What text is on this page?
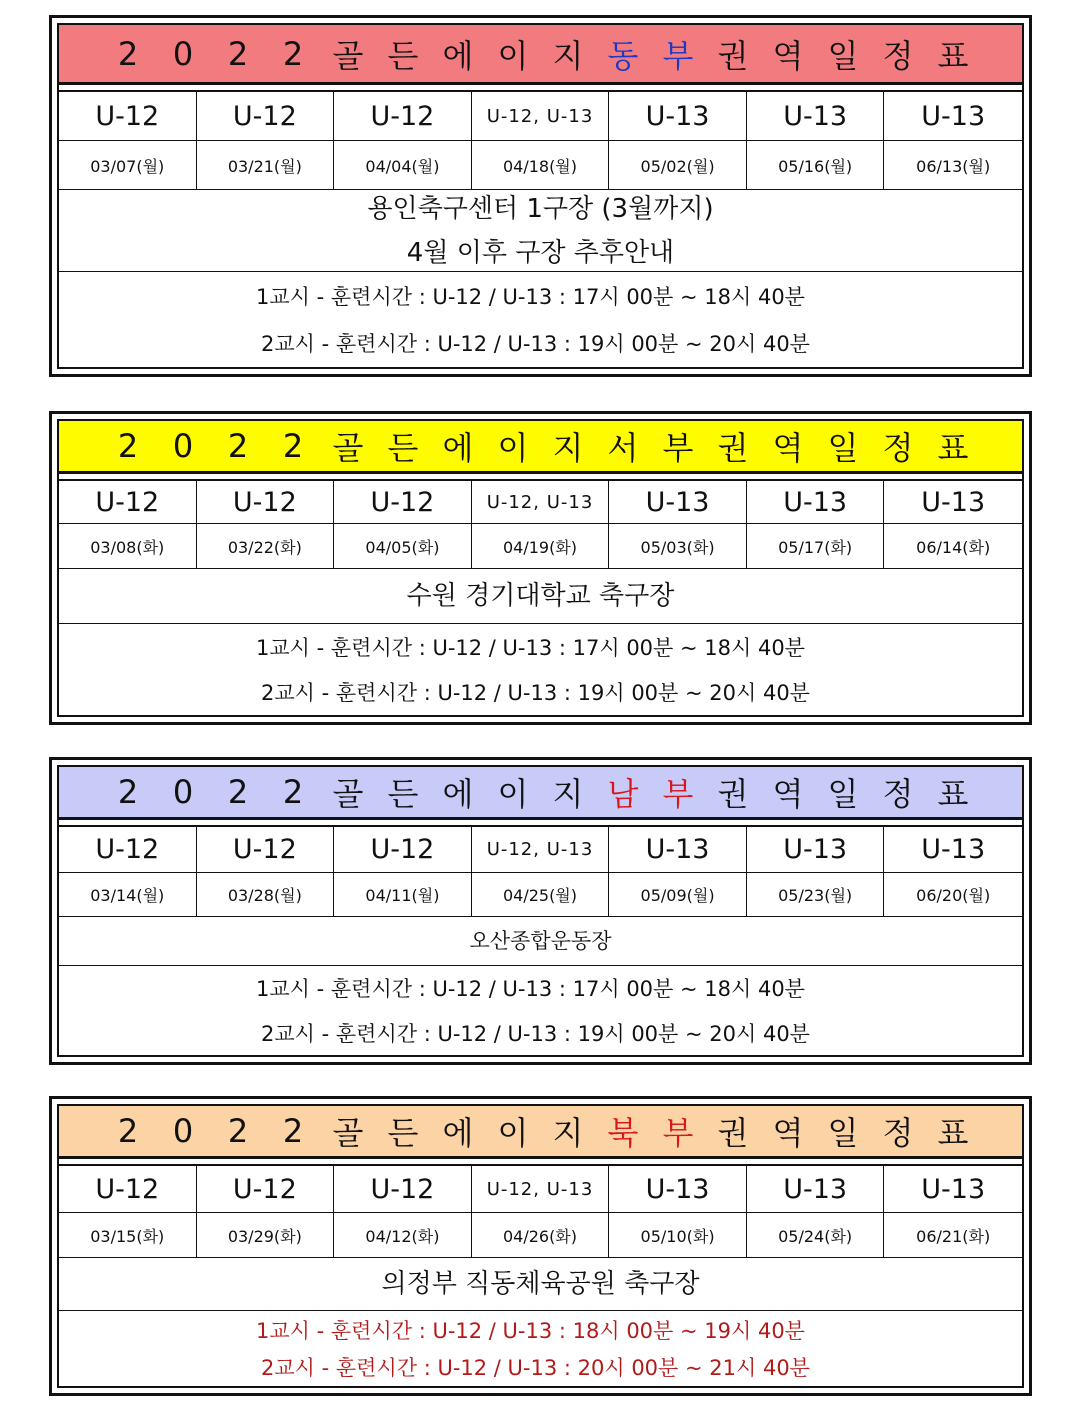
2	0	2	2 골 든 에 이 지 동 부 권 역 일 정 표
U-12	U-12	U-12	U-12, U-13	U-13	U-13	U-13
03/07(월)	03/21(월)	04/04(월)	04/18(월)	05/02(월)	05/16(월)	06/13(월)
용인축구센터 1구장 (3월까지)
4월 이후 구장 추후안내
1교시 - 훈련시간 : U-12 / U-13 : 17시 00분 ~ 18시 40분
2교시 - 훈련시간 : U-12 / U-13 : 19시 00분 ~ 20시 40분
2	0	2	2 골 든 에 이 지 서 부 권 역 일 정 표
U-12	U-12	U-12	U-12, U-13	U-13	U-13	U-13
03/08(화)	03/22(화)	04/05(화)	04/19(화)	05/03(화)	05/17(화)	06/14(화)
수원 경기대학교 축구장
1교시 - 훈련시간 : U-12 / U-13 : 17시 00분 ~ 18시 40분
2교시 - 훈련시간 : U-12 / U-13 : 19시 00분 ~ 20시 40분
2	0	2	2 골 든 에 이 지 남 부 권 역 일 정 표
U-12	U-12	U-12	U-12, U-13	U-13	U-13	U-13
03/14(월)	03/28(월)	04/11(월)	04/25(월)	05/09(월)	05/23(월)	06/20(월)
오산종합운동장
1교시 - 훈련시간 : U-12 / U-13 : 17시 00분 ~ 18시 40분
2교시 - 훈련시간 : U-12 / U-13 : 19시 00분 ~ 20시 40분
2	0	2	2 골 든 에 이 지 북 부 권 역 일 정 표
U-12	U-12	U-12	U-12, U-13	U-13	U-13	U-13
03/15(화)	03/29(화)	04/12(화)	04/26(화)	05/10(화)	05/24(화)	06/21(화)
의정부 직동체육공원 축구장
1교시 - 훈련시간 : U-12 / U-13 : 18시 00분 ~ 19시 40분
2교시 - 훈련시간 : U-12 / U-13 : 20시 00분 ~ 21시 40분
